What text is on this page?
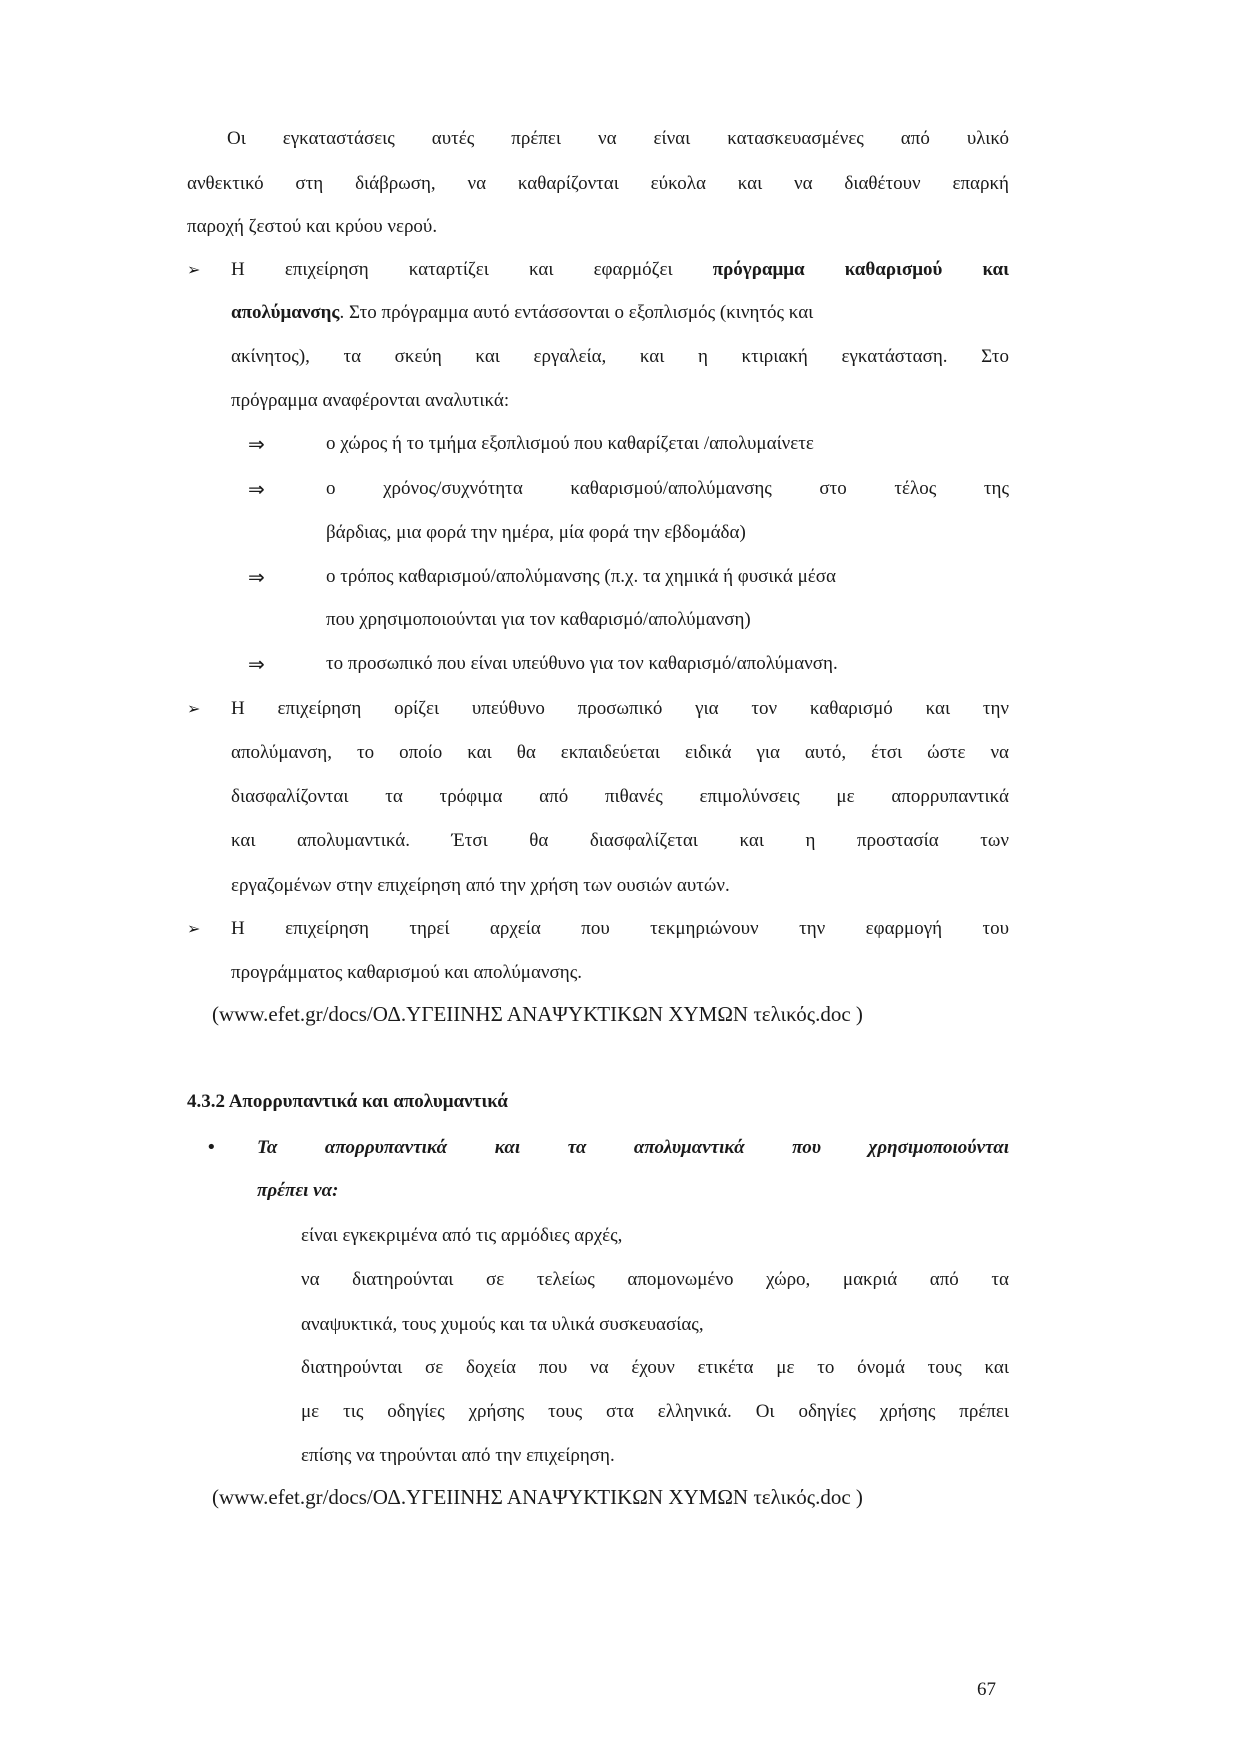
Οι εγκαταστάσεις αυτές πρέπει να είναι κατασκευασμένες από υλικό
ανθεκτικό στη διάβρωση, να καθαρίζονται εύκολα και να διαθέτουν επαρκή
παροχή ζεστού και κρύου νερού.
➢ Η επιχείρηση καταρτίζει και εφαρμόζει πρόγραμμα καθαρισμού και
απολύμανσης. Στο πρόγραμμα αυτό εντάσσονται ο εξοπλισμός (κινητός και
ακίνητος), τα σκεύη και εργαλεία, και η κτιριακή εγκατάσταση. Στο
πρόγραμμα αναφέρονται αναλυτικά:
⇒	ο χώρος ή το τμήμα εξοπλισμού που καθαρίζεται /απολυμαίνετε
⇒	ο χρόνος/συχνότητα καθαρισμού/απολύμανσης στο τέλος της
βάρδιας, μια φορά την ημέρα, μία φορά την εβδομάδα)
⇒	ο τρόπος καθαρισμού/απολύμανσης (π.χ. τα χημικά ή φυσικά μέσα
που χρησιμοποιούνται για τον καθαρισμό/απολύμανση)
⇒	το προσωπικό που είναι υπεύθυνο για τον καθαρισμό/απολύμανση.
➢ Η επιχείρηση ορίζει υπεύθυνο προσωπικό για τον καθαρισμό και την
απολύμανση, το οποίο και θα εκπαιδεύεται ειδικά για αυτό, έτσι ώστε να
διασφαλίζονται τα τρόφιμα από πιθανές επιμολύνσεις με απορρυπαντικά
και απολυμαντικά. Έτσι θα διασφαλίζεται και η προστασία των
εργαζομένων στην επιχείρηση από την χρήση των ουσιών αυτών.
➢ Η επιχείρηση τηρεί αρχεία που τεκμηριώνουν την εφαρμογή του
προγράμματος καθαρισμού και απολύμανσης.
(www.efet.gr/docs/ΟΔ.ΥΓΕΙΙΝΗΣ ΑΝΑΨΥΚΤΙΚΩΝ ΧΥΜΩΝ τελικός.doc )
4.3.2 Απορρυπαντικά και απολυμαντικά
• Τα απορρυπαντικά και τα απολυμαντικά που χρησιμοποιούνται
πρέπει να:
είναι εγκεκριμένα από τις αρμόδιες αρχές,
να διατηρούνται σε τελείως απομονωμένο χώρο, μακριά από τα
αναψυκτικά, τους χυμούς και τα υλικά συσκευασίας,
διατηρούνται σε δοχεία που να έχουν ετικέτα με το όνομά τους και
με τις οδηγίες χρήσης τους στα ελληνικά. Οι οδηγίες χρήσης πρέπει
επίσης να τηρούνται από την επιχείρηση.
(www.efet.gr/docs/ΟΔ.ΥΓΕΙΙΝΗΣ ΑΝΑΨΥΚΤΙΚΩΝ ΧΥΜΩΝ τελικός.doc )
67
